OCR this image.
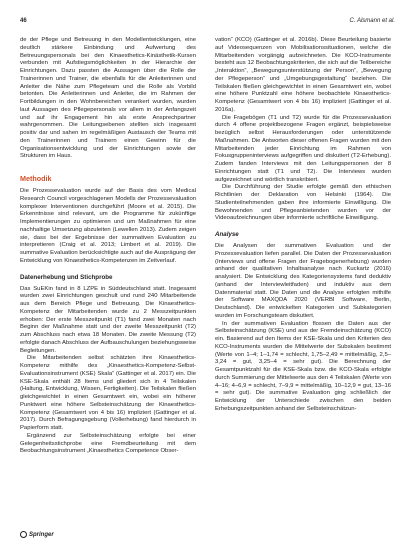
46	C. Alsmann et al.

de der Pflege und Betreuung in den Modellentwicklungen, eine deutlich stärkere Einbindung und Aufwertung des Betreuungspersonals bei den Kinaesthetics-Kinästhetik-Kursen verbunden mit Aufstiegsmöglichkeiten in der Hierarchie der Einrichtungen. Dazu passten die Aussagen über die Rolle der Trainerinnen und Trainer, die ebenfalls für die Anleiterinnen und Anleiter die Nähe zum Pflegeteam und die Rolle als Vorbild betonten. Die Anleiterinnen und Anleiter, die im Rahmen der Fortbildungen in den Wohnbereichen verankert wurden, wurden laut Aussagen des Pflegepersonals vor allem in der Anfangszeit und auf ihr Engagement hin als erste Ansprechpartner wahrgenommen. Die Leitungsebenen stellten sich insgesamt positiv dar und sahen im regelmäßigen Austausch der Teams mit den Trainerinnen und Trainern einen Gewinn für die Organisationsentwicklung und der Einrichtungen sowie der Strukturen im Haus.

Methodik

Die Prozessevaluation wurde auf der Basis des vom Medical Research Council vorgeschlagenen Modells der Prozessevaluation komplexer Interventionen durchgeführt (Moore et al. 2015). Die Erkenntnisse sind relevant, um die Programme für zukünftige Implementierungen zu optimieren und um Maßnahmen für eine nachhaltige Umsetzung abzuleiten (Lewellen 2013). Zudem zeigen sie, dass bei der Ergebnisse der summativen Evaluation zu interpretieren (Craig et al. 2013; Limbert et al. 2019). Die summative Evaluation berücksichtigte auch auf die Ausprägung der Entwicklung von Kinaesthetics-Kompetenzen im Zeitverlauf.

Datenerhebung und Stichprobe

Das SuEKin fand in 8 LZPE in Süddeutschland statt. Insgesamt wurden zwei Einrichtungen geschult und rund 240 Mitarbeitende aus dem Bereich Pflege und Betreuung. Die Kinaesthetics-Kompetenz der Mitarbeitenden wurde zu 2 Messzeitpunkten erhoben: Der erste Messzeitpunkt (T1) fand zwei Monaten nach Beginn der Maßnahme statt und der zweite Messzeitpunkt (T2) zum Abschluss nach etwa 18 Monaten. Die zweite Messung (T2) erfolgte danach Abschluss der Aufbauschulungen beziehungsweise Begleitungen.

Die Mitarbeitenden selbst schätzten ihre Kinaesthetics-Kompetenz mithilfe des „Kinaesthetics-Kompetenz-Selbst-Evaluationsinstrument (KSE) Skala“ (Gattinger et al. 2017) ein. Die KSE-Skala enthält 28 Items und gliedert sich in 4 Teilskalen (Haltung, Entwicklung, Wissen, Fertigkeiten). Die Teilskalen fließen gleichgewichtet in einen Gesamtwert ein, wobei ein höherer Punktwert eine höhere Selbsteinschätzung der Kinaesthetics-Kompetenz (Gesamtwert von 4 bis 16) impliziert (Gattinger et al. 2017). Durch Befragungsgebung (Vollerhebung) fand hierdurch in Papierform statt.

Ergänzend zur Selbsteinschätzung erfolgte bei einer Gelegenheitsstichprobe eine Fremdbeurteilung mit dem Beobachtungsinstrument „Kinaesthetics Competence Obser-

vation“ (KCO) (Gattinger et al. 2016b). Diese Beurteilung basierte auf Videosequenzen von Mobilisationssituationen, welche die Mitarbeitenden vorgängig aufzeichneten. Die KCO-Instrumente besteht aus 12 Beobachtungskriterien, die sich auf die Teilbereiche „Interaktion“, „Bewegungsunterstützung der Person“, „Bewegung der Pflegeperson“ und „Umgebungsgestaltung“ beziehen. Die Teilskalen fließen gleichgewichtet in einen Gesamtwert ein, wobei eine höhere Punktzahl eine höhere beobachtete Kinaesthetics-Kompetenz (Gesamtwert von 4 bis 16) impliziert (Gattinger et al. 2016a).

Die Fragebögen (T1 und T2) wurde für die Prozessevaluation durch 4 offene projektbezogene Fragen ergänzt, beispielsweise bezüglich selbst Herausforderungen oder unterstützende Maßnahmen. Die Antworten dieser offenen Fragen wurden mit den Mitarbeitenden jeder Einrichtung im Rahmen von Fokusgruppeninterviews aufgegriffen und diskutiert (T2-Erhebung). Zudem fanden Interviews mit den Leitungspersonen der 8 Einrichtungen statt (T1 und T2). Die Interviews wurden aufgezeichnet und wörtlich transkribiert.

Die Durchführung der Studie erfolgte gemäß den ethischen Richtlinien der Deklaration von Helsinki (1964). Die Studienteilnehmenden gaben ihre informierte Einwilligung. Die Bewohnenden und Pflegeanbietenden wurden vor der Videoaufzeichnungen über informierte schriftliche Einwilligung.

Analyse

Die Analysen der summativen Evaluation und der Prozessevaluation liefen parallel. Die Daten der Prozessevaluation (Interviews und offene Fragen der Fragebogenerhebung) wurden anhand der qualitativen Inhaltsanalyse nach Kuckartz (2016) analysiert. Die Entwicklung des Kategoriensystems fand deduktiv (anhand der Interviewleitfaden) und induktiv aus dem Datenmaterial statt. Die Daten und die Analyse erfolgten mithilfe der Software MAXQDA 2020 (VERBI Software, Berlin, Deutschland). Die entwickelten Kategorien und Subkategorien wurden im Forschungsteam diskutiert.

In der summativen Evaluation flossen die Daten aus der Selbsteinschätzung (KSE) und aus der Fremdeinschätzung (KCO) ein. Basierend auf den Items der KSE-Skala und den Kriterien des KCO-Instruments wurden die Mittelwerte der Subskalen bestimmt (Werte von 1–4; 1–1,74 = schlecht, 1,75–2,49 = mittelmäßig, 2,5–3,24 = gut, 3,25–4 = sehr gut). Die Berechnung der Gesamtpunktzahl für die KSE-Skala bzw. die KCO-Skala erfolgte durch Summierung der Mittelwerte aus den 4 Teilskalen (Werte von 4–16; 4–6,9 = schlecht, 7–9,9 = mittelmäßig, 10–12,9 = gut, 13–16 = sehr gut). Die summative Evaluation ging schließlich der Entwicklung der Unterschiede zwischen den beiden Erhebungszeitpunkten anhand der Selbsteinschätzun-

Springer
